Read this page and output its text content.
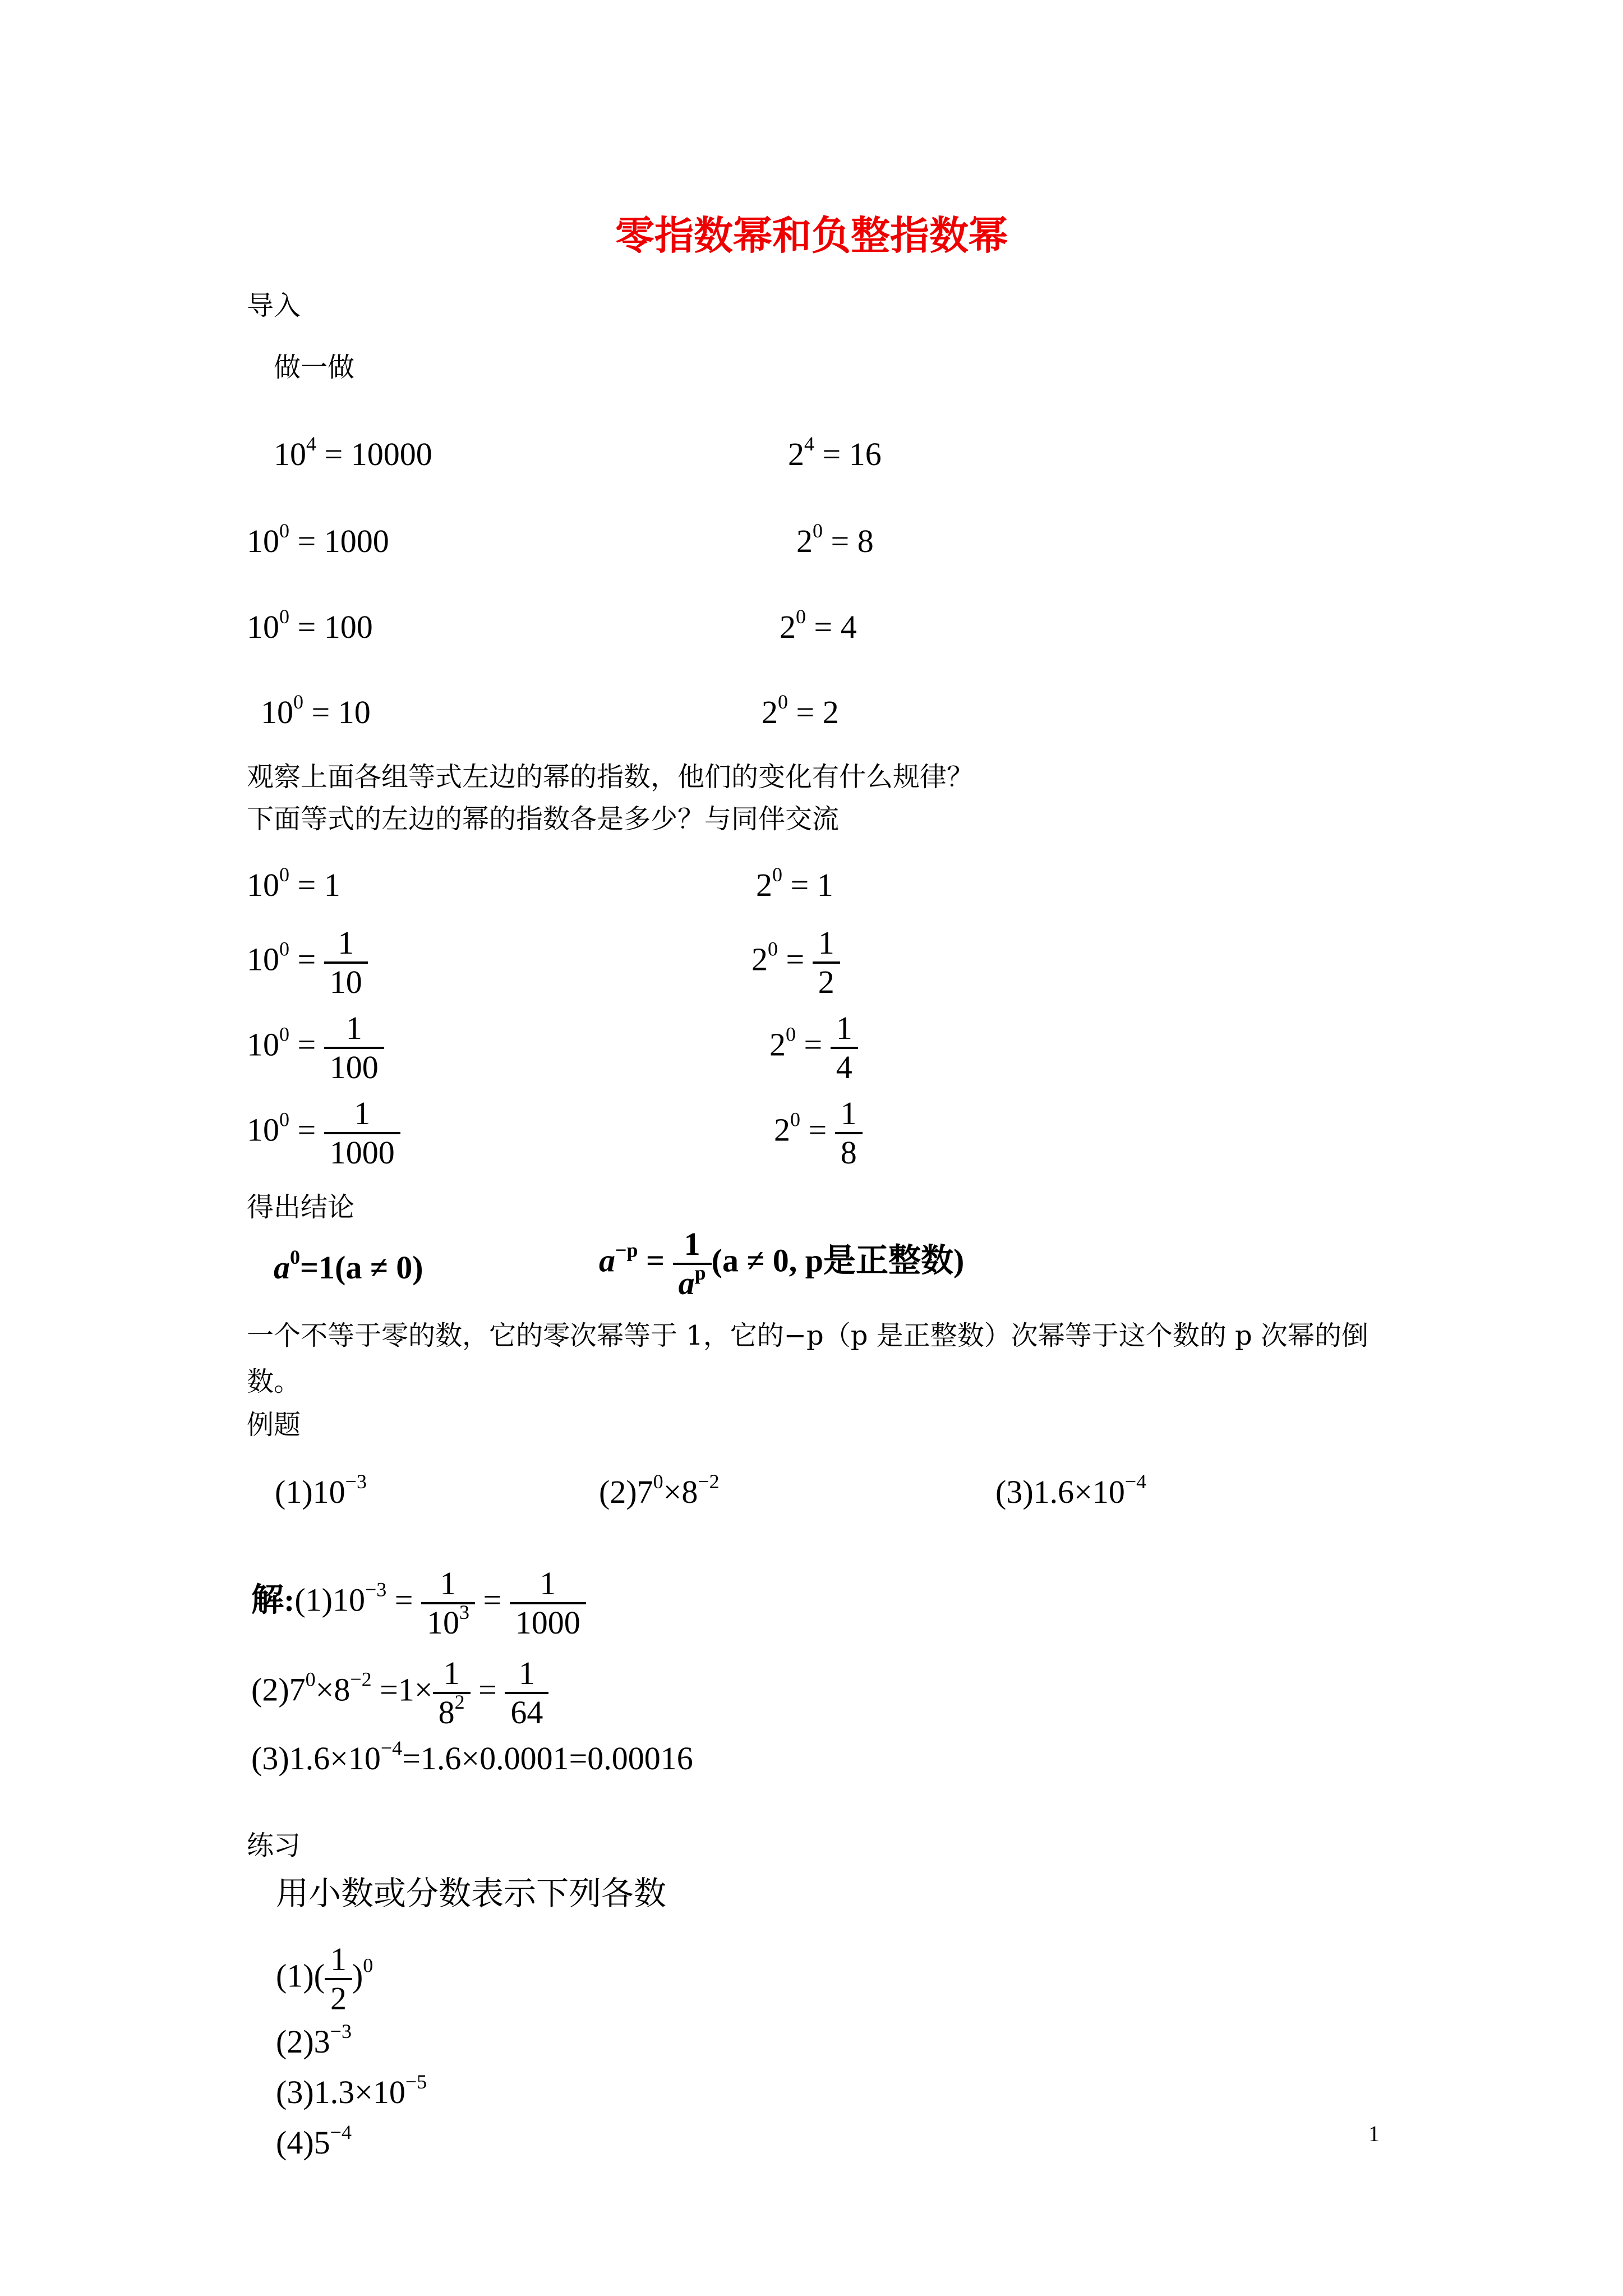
零指数幂和负整指数幂
导入
做一做
$10^4 = 10000$	$2^4 = 16$
$10^0 = 1000$	$2^0 = 8$
$10^0 = 100$	$2^0 = 4$
$10^0 = 10$	$2^0 = 2$
观察上面各组等式左边的幂的指数，他们的变化有什么规律？
下面等式的左边的幂的指数各是多少？与同伴交流
$10^0 = 1$	$2^0 = 1$
$10^0 = \frac{1}{10}$	$2^0 = \frac{1}{2}$
$10^0 = \frac{1}{100}$	$2^0 = \frac{1}{4}$
$10^0 = \frac{1}{1000}$	$2^0 = \frac{1}{8}$
得出结论
$a^0=1(a \ne 0)$	$a^{-p} = \frac{1}{a^p} (a \ne 0$, p是正整数)
一个不等于零的数，它的零次幂等于 1，它的−p（p 是正整数）次幂等于这个数的 p 次幂的倒数。
例题
$(1)10^{-3}$	$(2)7^0\times 8^{-2}$	$(3)1.6\times 10^{-4}$
解$:(1)10^{-3} = \frac{1}{10^3} = \frac{1}{1000}$
$(2)7^0\times 8^{-2} =1\times \frac{1}{8^2} = \frac{1}{64}$
$(3)1.6\times 10^{-4}=1.6\times 0.0001=0.00016$
练习
用小数或分数表示下列各数
$(1)( \frac{1}{2} )^0$
$(2)3^{-3}$
$(3)1.3\times 10^{-5}$
$(4)5^{-4}$	1
